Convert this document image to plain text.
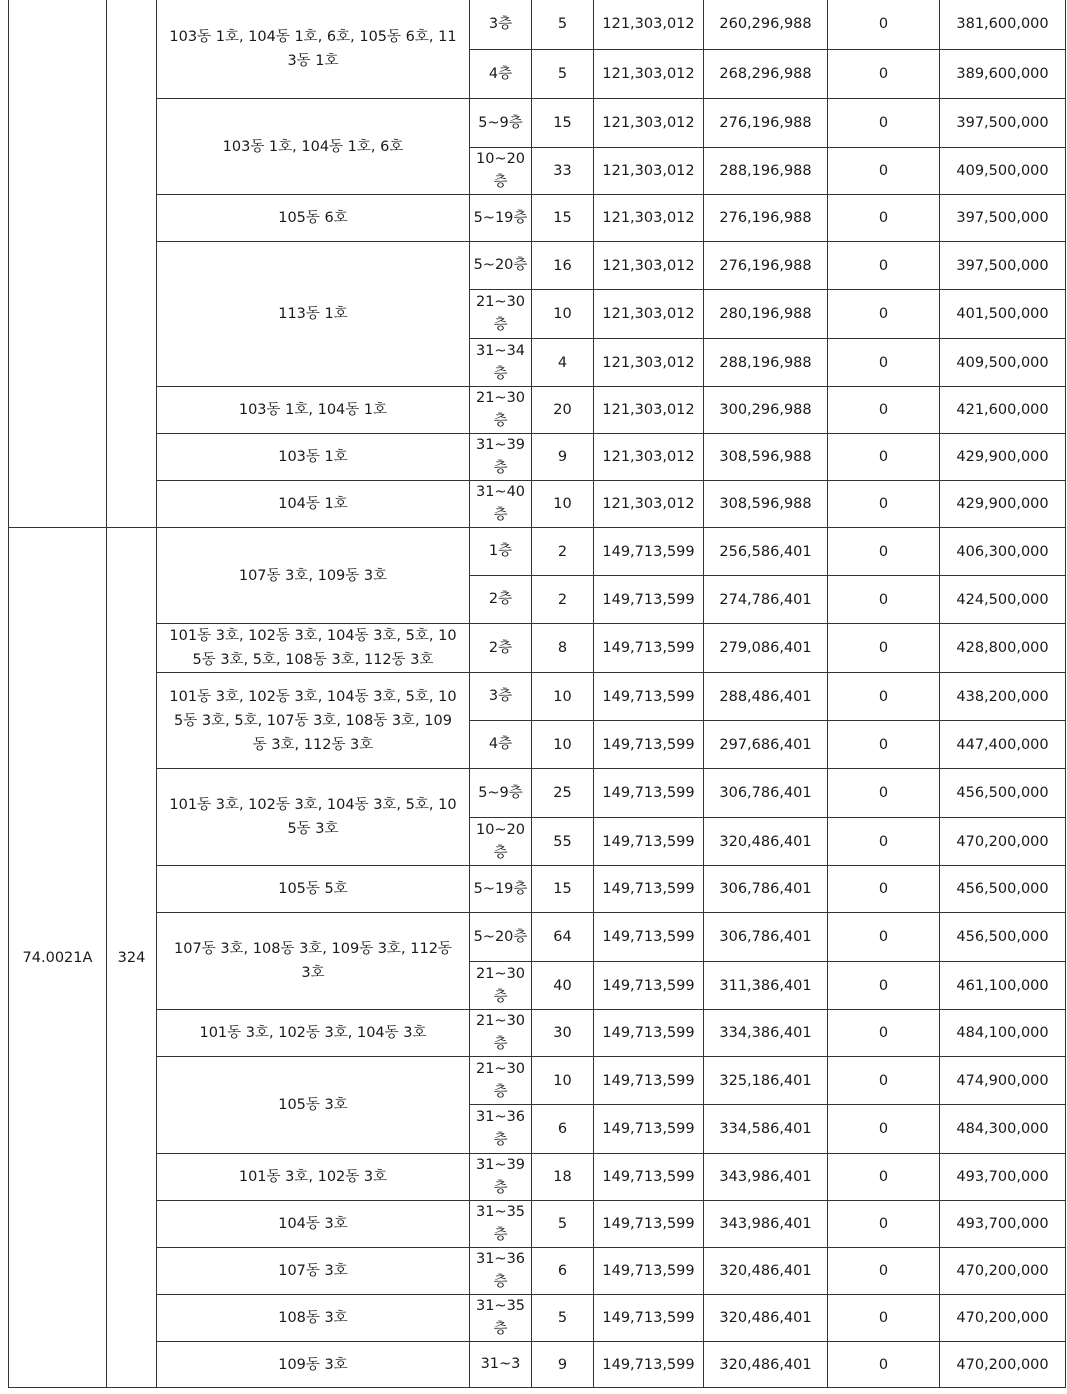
		103동 1호, 104동 1호, 6호, 105동 6호, 113동 1호	3층	5	121,303,012	260,296,988	0	381,600,000
			4층	5	121,303,012	268,296,988	0	389,600,000
		103동 1호, 104동 1호, 6호	5~9층	15	121,303,012	276,196,988	0	397,500,000
			10~20층	33	121,303,012	288,196,988	0	409,500,000
		105동 6호	5~19층	15	121,303,012	276,196,988	0	397,500,000
		113동 1호	5~20층	16	121,303,012	276,196,988	0	397,500,000
			21~30층	10	121,303,012	280,196,988	0	401,500,000
			31~34층	4	121,303,012	288,196,988	0	409,500,000
		103동 1호, 104동 1호	21~30층	20	121,303,012	300,296,988	0	421,600,000
		103동 1호	31~39층	9	121,303,012	308,596,988	0	429,900,000
		104동 1호	31~40층	10	121,303,012	308,596,988	0	429,900,000
74.0021A	324	107동 3호, 109동 3호	1층	2	149,713,599	256,586,401	0	406,300,000
			2층	2	149,713,599	274,786,401	0	424,500,000
		101동 3호, 102동 3호, 104동 3호, 5호, 105동 3호, 5호, 108동 3호, 112동 3호	2층	8	149,713,599	279,086,401	0	428,800,000
		101동 3호, 102동 3호, 104동 3호, 5호, 105동 3호, 5호, 107동 3호, 108동 3호, 109동 3호, 112동 3호	3층	10	149,713,599	288,486,401	0	438,200,000
			4층	10	149,713,599	297,686,401	0	447,400,000
		101동 3호, 102동 3호, 104동 3호, 5호, 105동 3호	5~9층	25	149,713,599	306,786,401	0	456,500,000
			10~20층	55	149,713,599	320,486,401	0	470,200,000
		105동 5호	5~19층	15	149,713,599	306,786,401	0	456,500,000
		107동 3호, 108동 3호, 109동 3호, 112동 3호	5~20층	64	149,713,599	306,786,401	0	456,500,000
			21~30층	40	149,713,599	311,386,401	0	461,100,000
		101동 3호, 102동 3호, 104동 3호	21~30층	30	149,713,599	334,386,401	0	484,100,000
		105동 3호	21~30층	10	149,713,599	325,186,401	0	474,900,000
			31~36층	6	149,713,599	334,586,401	0	484,300,000
		101동 3호, 102동 3호	31~39층	18	149,713,599	343,986,401	0	493,700,000
		104동 3호	31~35층	5	149,713,599	343,986,401	0	493,700,000
		107동 3호	31~36층	6	149,713,599	320,486,401	0	470,200,000
		108동 3호	31~35층	5	149,713,599	320,486,401	0	470,200,000
		109동 3호	31~3	9	149,713,599	320,486,401	0	470,200,000
